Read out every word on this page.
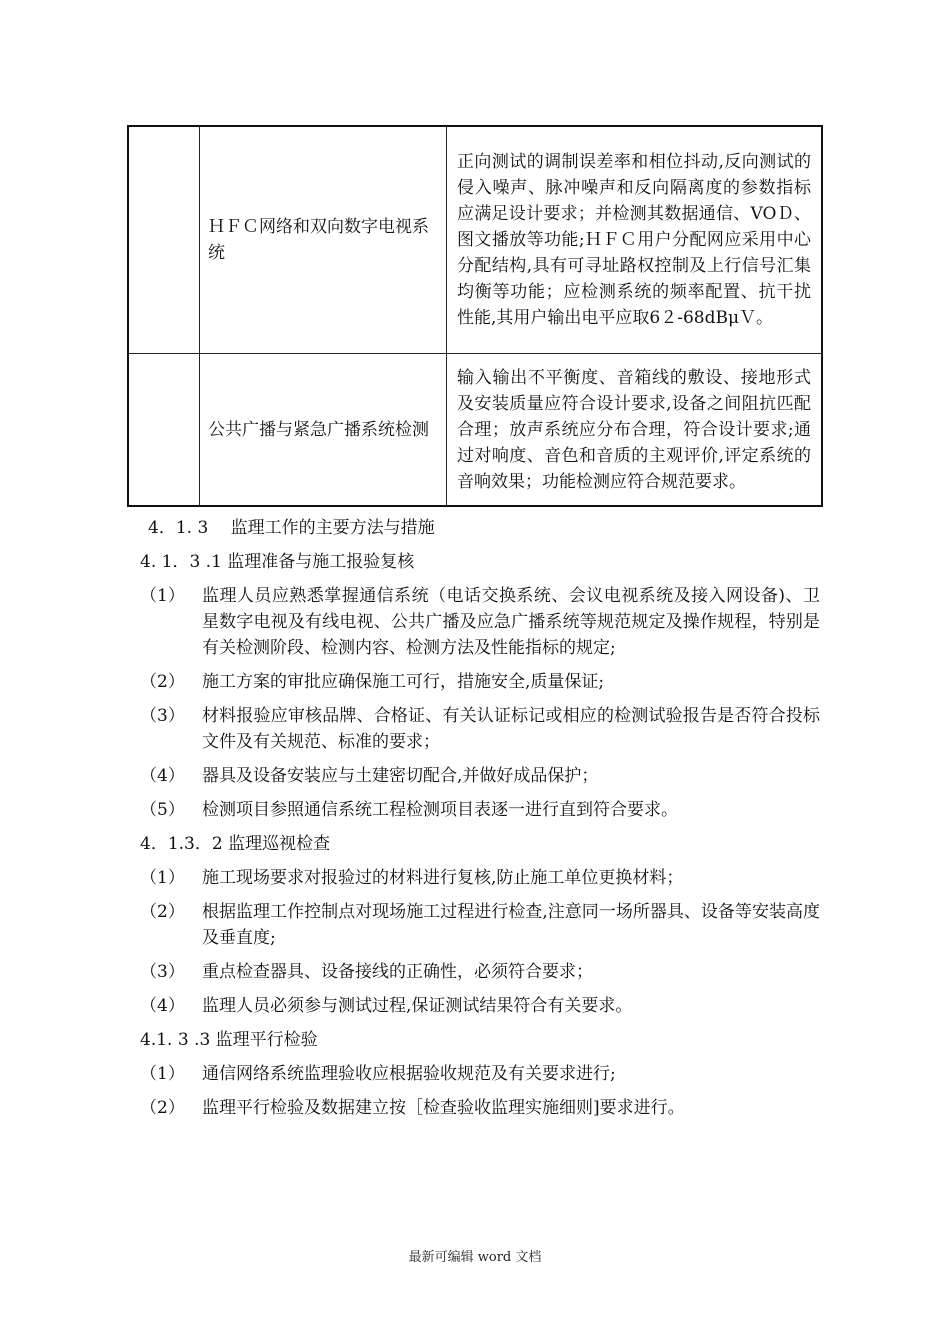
	ＨＦＣ网络和双向数字电视系统	正向测试的调制误差率和相位抖动,反向测试的侵入噪声、脉冲噪声和反向隔离度的参数指标应满足设计要求；并检测其数据通信、VOＤ、图文播放等功能;ＨＦＣ用户分配网应采用中心分配结构,具有可寻址路权控制及上行信号汇集均衡等功能；应检测系统的频率配置、抗干扰性能,其用户输出电平应取6２-68dBμＶ。
	公共广播与紧急广播系统检测	输入输出不平衡度、音箱线的敷设、接地形式及安装质量应符合设计要求,设备之间阻抗匹配合理；放声系统应分布合理，符合设计要求;通过对响度、音色和音质的主观评价,评定系统的音响效果；功能检测应符合规范要求。
4．1. 3　 监理工作的主要方法与措施
4. 1．3 .1 监理准备与施工报验复核
（1） 监理人员应熟悉掌握通信系统（电话交换系统、会议电视系统及接入网设备)、卫星数字电视及有线电视、公共广播及应急广播系统等规范规定及操作规程，特别是有关检测阶段、检测内容、检测方法及性能指标的规定;
（2） 施工方案的审批应确保施工可行，措施安全,质量保证;
（3） 材料报验应审核品牌、合格证、有关认证标记或相应的检测试验报告是否符合投标文件及有关规范、标准的要求；
（4） 器具及设备安装应与土建密切配合,并做好成品保护；
（5） 检测项目参照通信系统工程检测项目表逐一进行直到符合要求。
4．1.3．2 监理巡视检查
（1） 施工现场要求对报验过的材料进行复核,防止施工单位更换材料；
（2） 根据监理工作控制点对现场施工过程进行检查,注意同一场所器具、设备等安装高度及垂直度;
（3） 重点检查器具、设备接线的正确性，必须符合要求；
（4） 监理人员必须参与测试过程,保证测试结果符合有关要求。
4.1. 3 .3 监理平行检验
（1） 通信网络系统监理验收应根据验收规范及有关要求进行;
（2） 监理平行检验及数据建立按［检查验收监理实施细则]要求进行。
最新可编辑 word 文档
